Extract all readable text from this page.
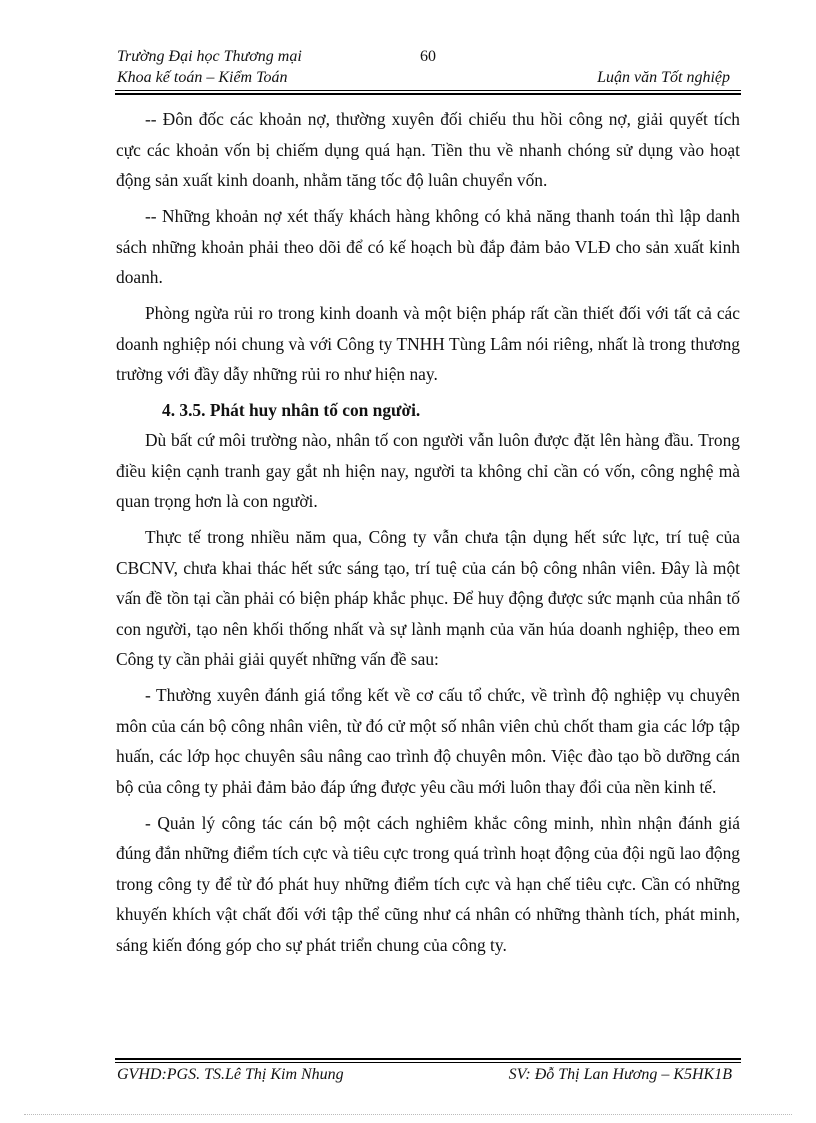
Trường Đại học Thương mại	60
Khoa kế toán – Kiểm Toán	Luận văn Tốt nghiệp

-- Đôn đốc các khoản nợ, thường xuyên đối chiếu thu hồi công nợ, giải quyết tích cực các khoản vốn bị chiếm dụng quá hạn. Tiền thu về nhanh chóng sử dụng vào hoạt động sản xuất kinh doanh, nhằm tăng tốc độ luân chuyển vốn.

-- Những khoản nợ xét thấy khách hàng không có khả năng thanh toán thì lập danh sách những khoản phải theo dõi để có kế hoạch bù đắp đảm bảo VLĐ cho sản xuất kinh doanh.

Phòng ngừa rủi ro trong kinh doanh và một biện pháp rất cần thiết đối với tất cả các doanh nghiệp nói chung và với Công ty TNHH Tùng Lâm nói riêng, nhất là trong thương trường với đầy dẫy những rủi ro như hiện nay.

4. 3.5. Phát huy nhân tố con người.

Dù bất cứ môi trường nào, nhân tố con người vẫn luôn được đặt lên hàng đầu. Trong điều kiện cạnh tranh gay gắt nh hiện nay, người ta không chỉ cần có vốn, công nghệ mà quan trọng hơn là con người.

Thực tế trong nhiều năm qua, Công ty vẫn chưa tận dụng hết sức lực, trí tuệ của CBCNV, chưa khai thác hết sức sáng tạo, trí tuệ của cán bộ công nhân viên. Đây là một vấn đề tồn tại cần phải có biện pháp khắc phục. Để huy động được sức mạnh của nhân tố con người, tạo nên khối thống nhất và sự lành mạnh của văn húa doanh nghiệp, theo em Công ty cần phải giải quyết những vấn đề sau:

- Thường xuyên đánh giá tổng kết về cơ cấu tổ chức, về trình độ nghiệp vụ chuyên môn của cán bộ công nhân viên, từ đó cử một số nhân viên chủ chốt tham gia các lớp tập huấn, các lớp học chuyên sâu nâng cao trình độ chuyên môn. Việc đào tạo bồ dưỡng cán bộ của công ty phải đảm bảo đáp ứng được yêu cầu mới luôn thay đổi của nền kinh tế.

- Quản lý công tác cán bộ một cách nghiêm khắc công minh, nhìn nhận đánh giá đúng đắn những điểm tích cực và tiêu cực trong quá trình hoạt động của đội ngũ lao động trong công ty để từ đó phát huy những điểm tích cực và hạn chế tiêu cực. Cần có những khuyến khích vật chất đối với tập thể cũng như cá nhân có những thành tích, phát minh, sáng kiến đóng góp cho sự phát triển chung của công ty.

GVHD:PGS. TS.Lê Thị Kim Nhung	SV: Đỗ Thị Lan Hương – K5HK1B
